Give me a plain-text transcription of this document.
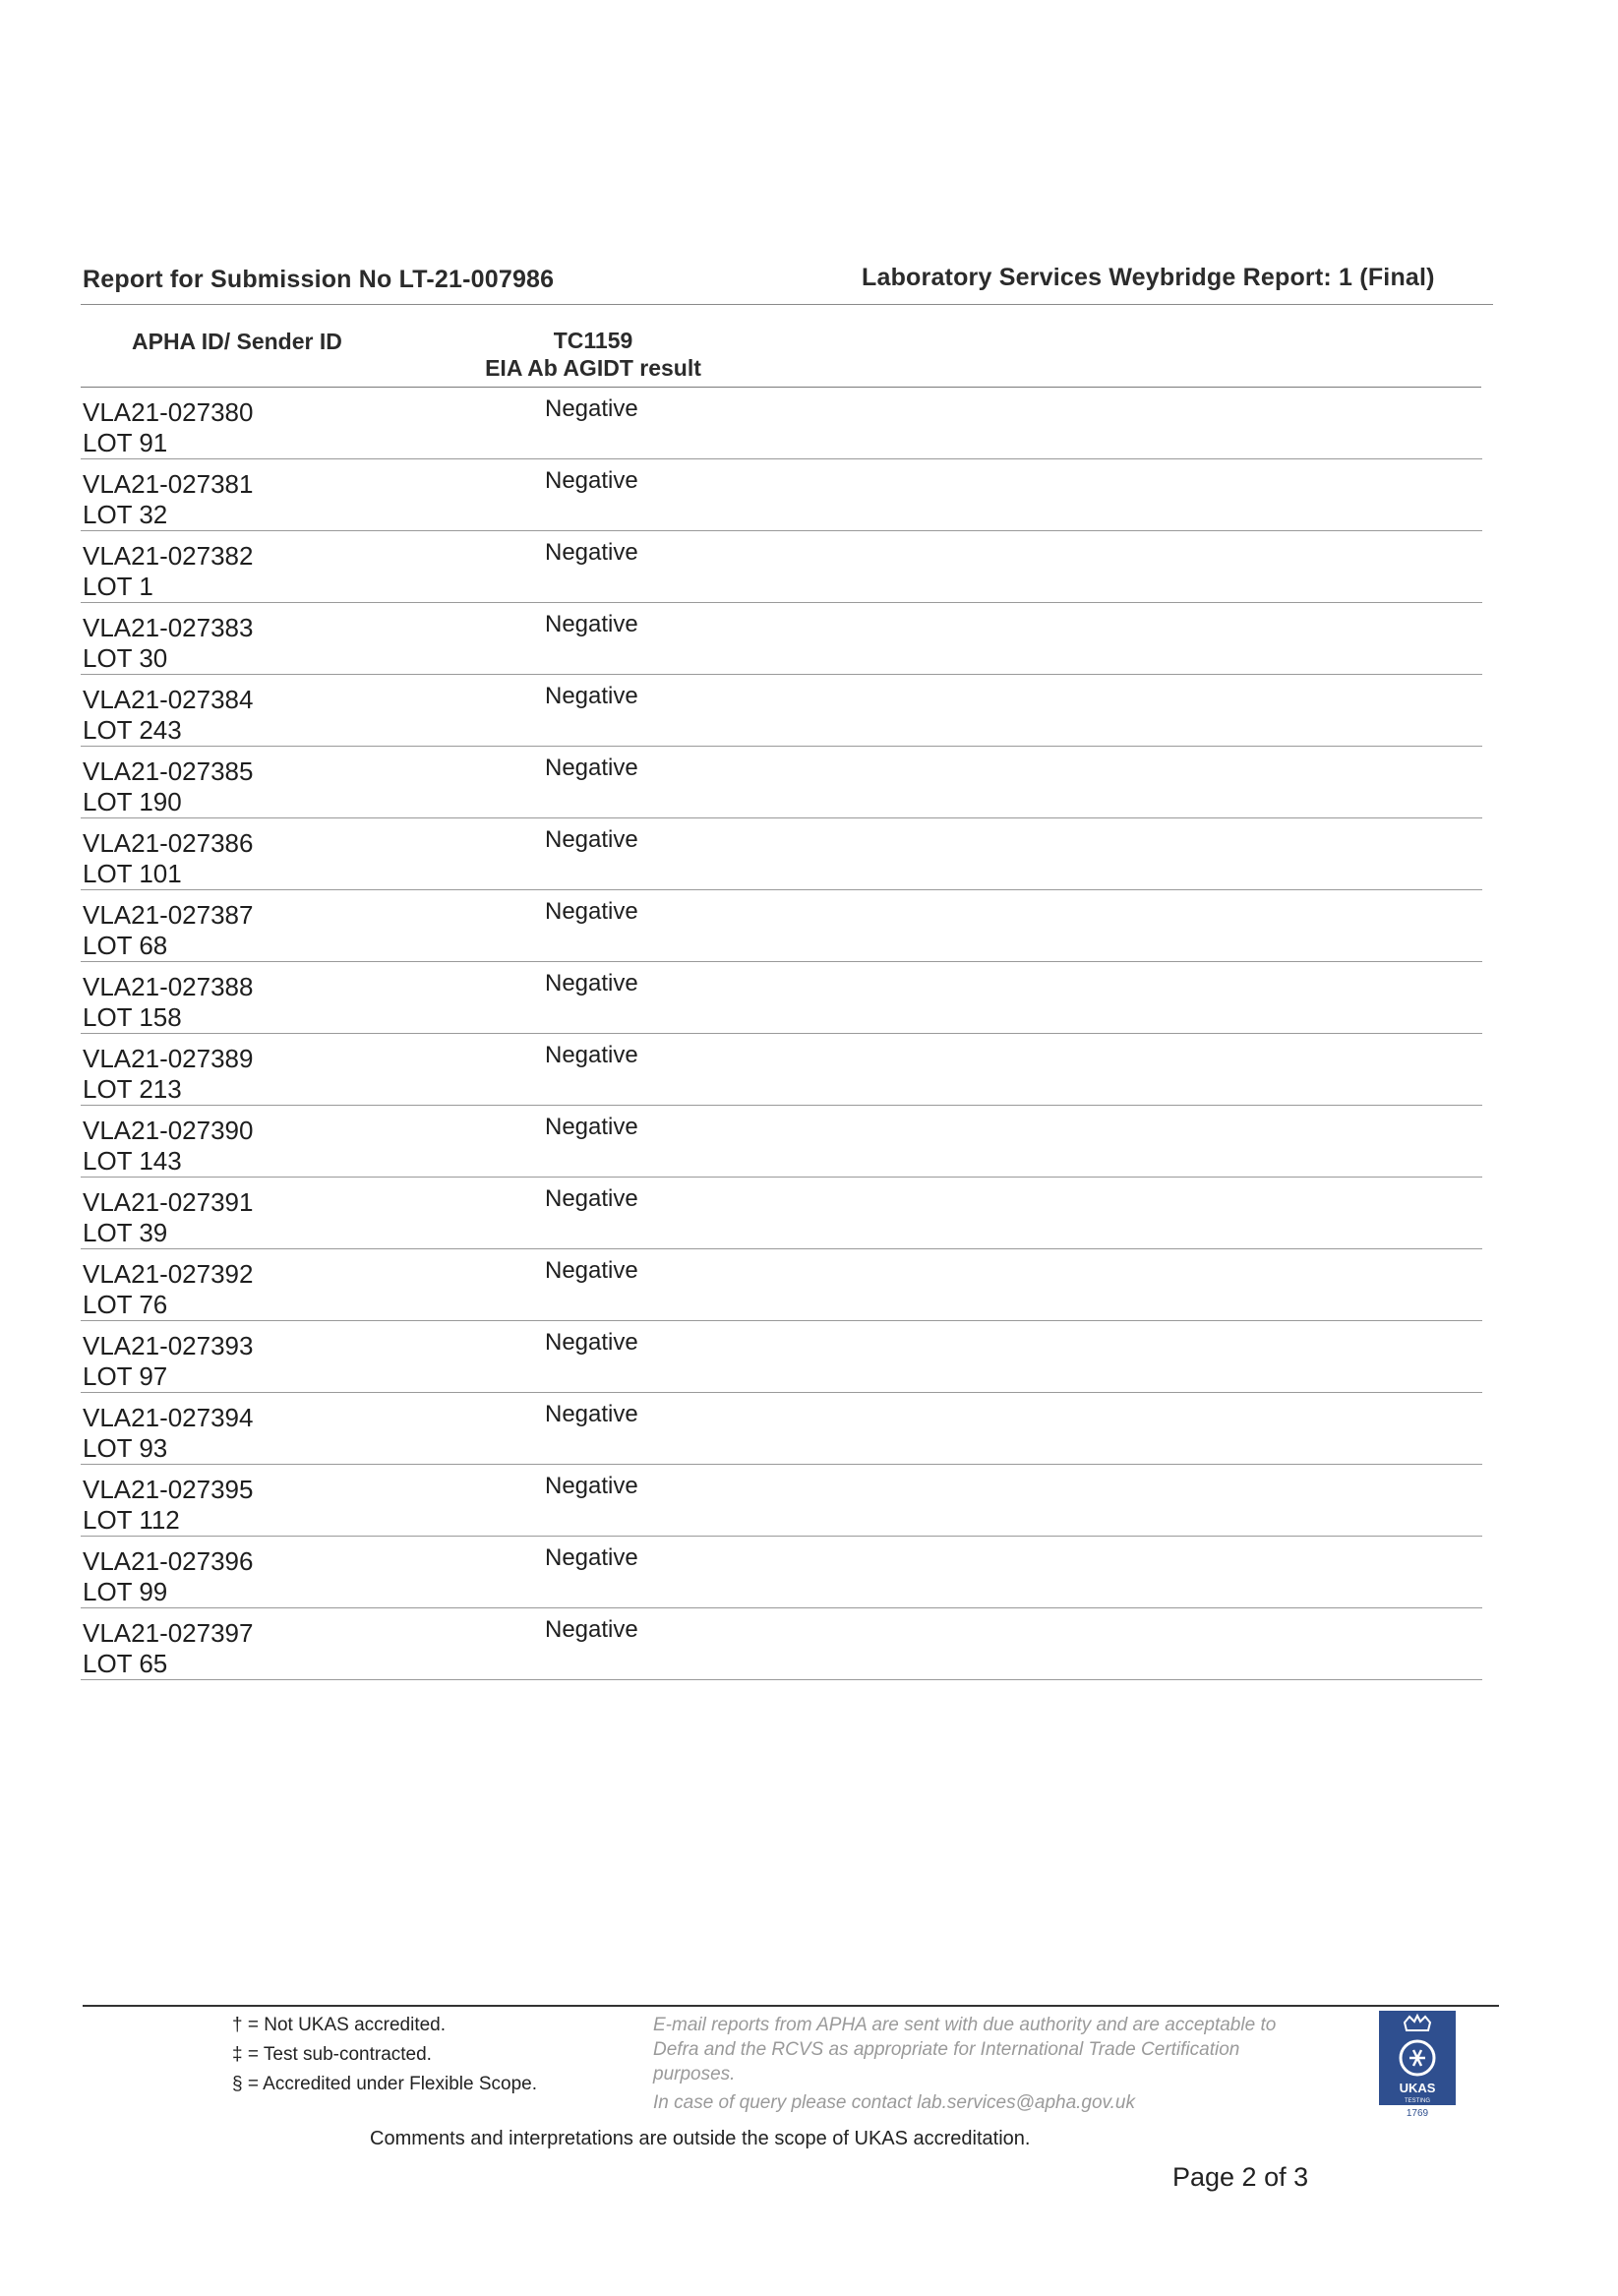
Report for Submission No LT-21-007986	Laboratory Services Weybridge Report: 1 (Final)
APHA ID/ Sender ID	TC1159
EIA Ab AGIDT result
VLA21-027380
LOT 91
Negative
VLA21-027381
LOT 32
Negative
VLA21-027382
LOT 1
Negative
VLA21-027383
LOT 30
Negative
VLA21-027384
LOT 243
Negative
VLA21-027385
LOT 190
Negative
VLA21-027386
LOT 101
Negative
VLA21-027387
LOT 68
Negative
VLA21-027388
LOT 158
Negative
VLA21-027389
LOT 213
Negative
VLA21-027390
LOT 143
Negative
VLA21-027391
LOT 39
Negative
VLA21-027392
LOT 76
Negative
VLA21-027393
LOT 97
Negative
VLA21-027394
LOT 93
Negative
VLA21-027395
LOT 112
Negative
VLA21-027396
LOT 99
Negative
VLA21-027397
LOT 65
Negative
† = Not UKAS accredited.
‡ = Test sub-contracted.
§ = Accredited under Flexible Scope.
E-mail reports from APHA are sent with due authority and are acceptable to Defra and the RCVS as appropriate for International Trade Certification purposes.
In case of query please contact lab.services@apha.gov.uk
Comments and interpretations are outside the scope of UKAS accreditation.
Page 2 of 3
UKAS
TESTING
1769
